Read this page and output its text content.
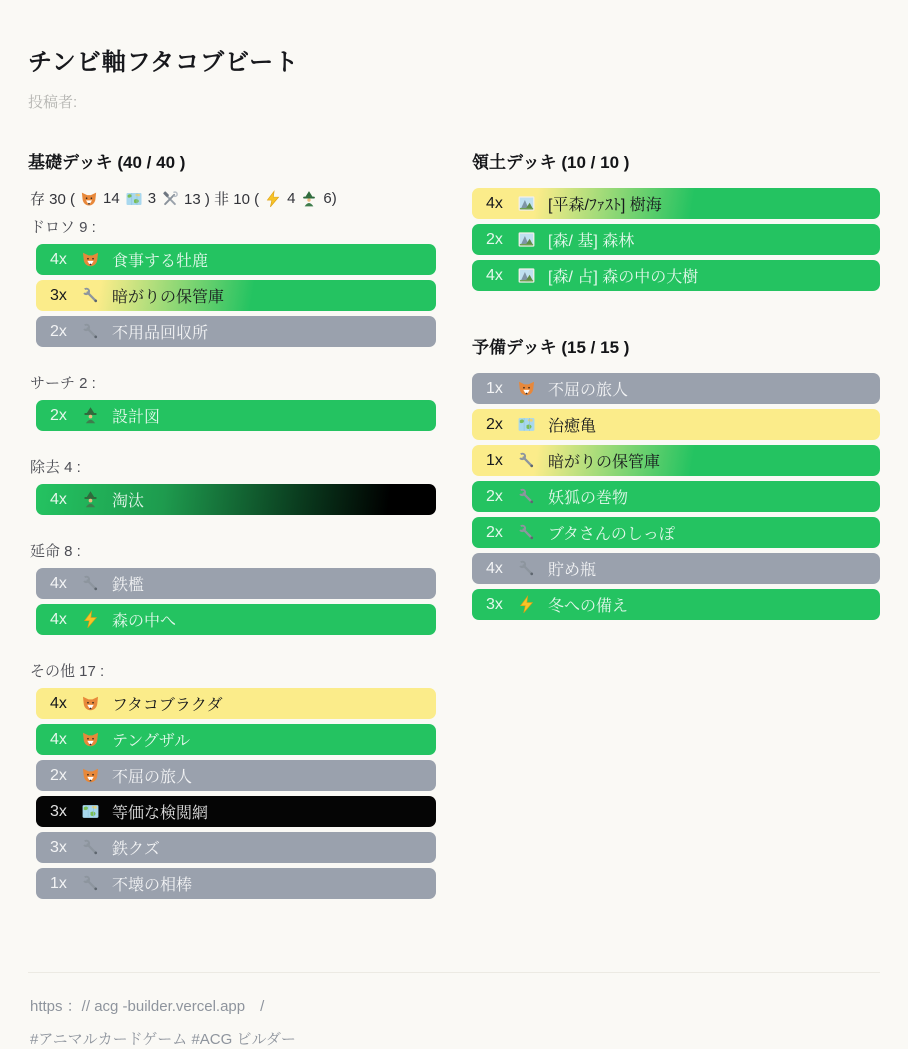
チンビ軸フタコブビート

投稿者:

基礎デッキ (40 / 40 )

存 30 ( 14 3 13 ) 非 10 ( 4 6)

ドロソ 9 :

4x	食事する牡鹿
3x	暗がりの保管庫
2x	不用品回収所

サーチ 2 :

2x	設計図

除去 4 :

4x	淘汰

延命 8 :

4x	鉄檻
4x	森の中へ

その他 17 :

4x	フタコブラクダ
4x	テングザル
2x	不屈の旅人
3x	等価な検閲網
3x	鉄クズ
1x	不壊の相棒
領土デッキ (10 / 10 )
4x	[平森/ﾌｧｽﾄ] 樹海
2x	[森/ 基] 森林
4x	[森/ 占] 森の中の大樹
予備デッキ (15 / 15 )
1x	不屈の旅人
2x	治癒亀
1x	暗がりの保管庫
2x	妖狐の巻物
2x	ブタさんのしっぽ
4x	貯め瓶
3x	冬への備え

https ：// acg -builder.vercel.app　/

#アニマルカードゲーム #ACG ビルダー
